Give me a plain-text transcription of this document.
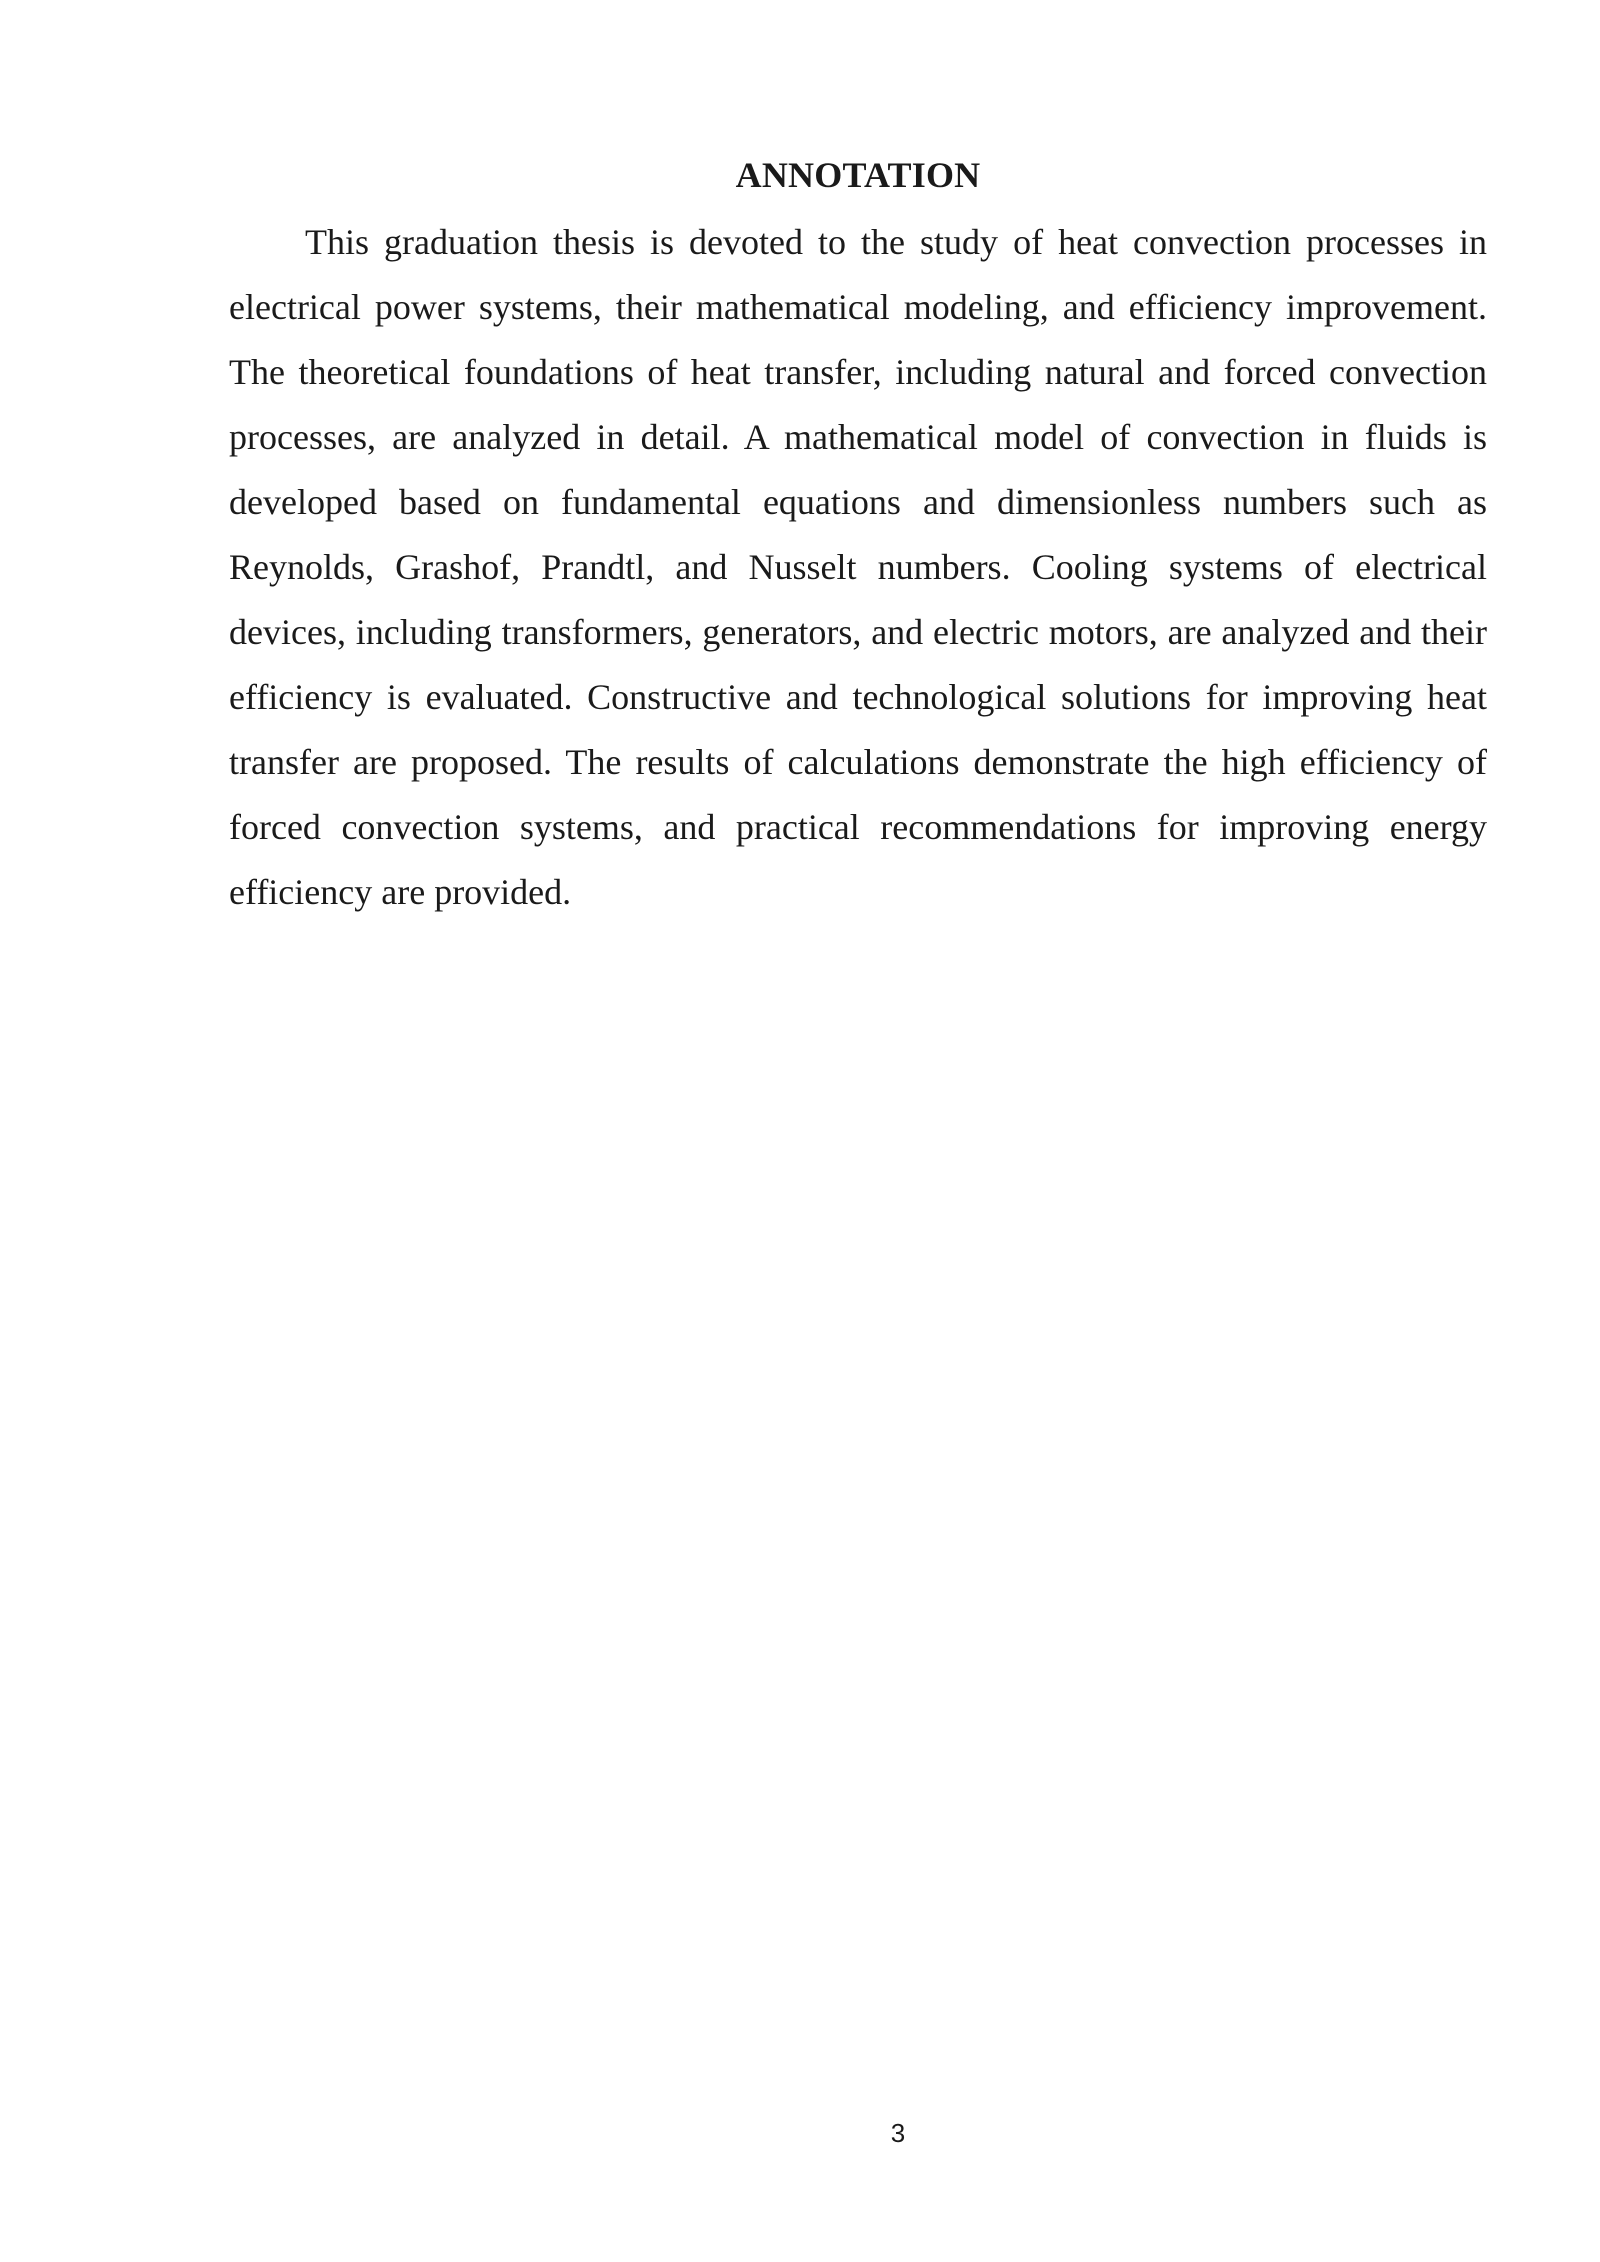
ANNOTATION

This graduation thesis is devoted to the study of heat convection processes in electrical power systems, their mathematical modeling, and efficiency improvement. The theoretical foundations of heat transfer, including natural and forced convection processes, are analyzed in detail. A mathematical model of convection in fluids is developed based on fundamental equations and dimensionless numbers such as Reynolds, Grashof, Prandtl, and Nusselt numbers. Cooling systems of electrical devices, including transformers, generators, and electric motors, are analyzed and their efficiency is evaluated. Constructive and technological solutions for improving heat transfer are proposed. The results of calculations demonstrate the high efficiency of forced convection systems, and practical recommendations for improving energy efficiency are provided.

3
